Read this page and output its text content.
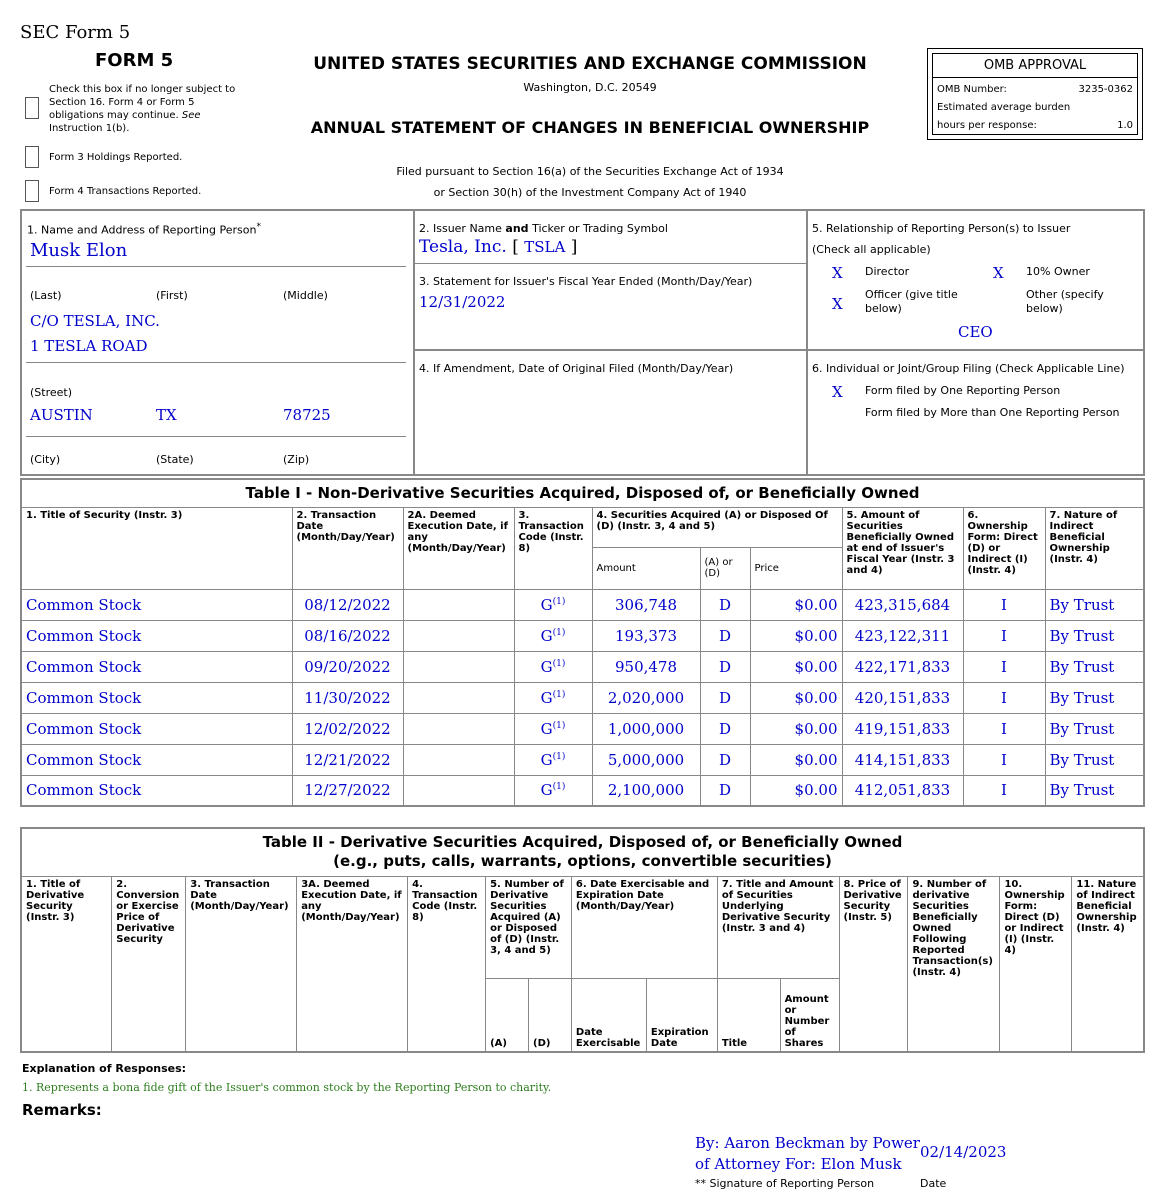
SEC Form 5
FORM 5
Check this box if no longer subject to Section 16. Form 4 or Form 5 obligations may continue. See Instruction 1(b).
Form 3 Holdings Reported.
Form 4 Transactions Reported.
UNITED STATES SECURITIES AND EXCHANGE COMMISSION
Washington, D.C. 20549
ANNUAL STATEMENT OF CHANGES IN BENEFICIAL OWNERSHIP
Filed pursuant to Section 16(a) of the Securities Exchange Act of 1934
or Section 30(h) of the Investment Company Act of 1940
OMB APPROVAL
OMB Number:	3235-0362
Estimated average burden
hours per response:	1.0
1. Name and Address of Reporting Person*
Musk Elon
(Last)	(First)	(Middle)
C/O TESLA, INC.
1 TESLA ROAD
(Street)
AUSTIN	TX	78725
(City)	(State)	(Zip)
2. Issuer Name and Ticker or Trading Symbol
Tesla, Inc. [ TSLA ]
3. Statement for Issuer's Fiscal Year Ended (Month/Day/Year)
12/31/2022
4. If Amendment, Date of Original Filed (Month/Day/Year)
5. Relationship of Reporting Person(s) to Issuer
(Check all applicable)
X Director	X 10% Owner
X
Officer (give title below)
Other (specify below)
CEO
6. Individual or Joint/Group Filing (Check Applicable Line)
X Form filed by One Reporting Person
Form filed by More than One Reporting Person
Table I - Non-Derivative Securities Acquired, Disposed of, or Beneficially Owned									
1. Title of Security (Instr. 3)	2. Transaction Date (Month/Day/Year)	2A. Deemed Execution Date, if any (Month/Day/Year)	3. Transaction Code (Instr. 8)	4. Securities Acquired (A) or Disposed Of (D) (Instr. 3, 4 and 5)			5. Amount of Securities Beneficially Owned at end of Issuer's Fiscal Year (Instr. 3 and 4)	6. Ownership Form: Direct (D) or Indirect (I) (Instr. 4)	7. Nature of Indirect Beneficial Ownership (Instr. 4)
				Amount	(A) or (D)	Price			
Common Stock	08/12/2022		$G^{(1)}$	306,748	D	$0.00	423,315,684	I	By Trust
Common Stock	08/16/2022		$G^{(1)}$	193,373	D	$0.00	423,122,311	I	By Trust
Common Stock	09/20/2022		$G^{(1)}$	950,478	D	$0.00	422,171,833	I	By Trust
Common Stock	11/30/2022		$G^{(1)}$	2,020,000	D	$0.00	420,151,833	I	By Trust
Common Stock	12/02/2022		$G^{(1)}$	1,000,000	D	$0.00	419,151,833	I	By Trust
Common Stock	12/21/2022		$G^{(1)}$	5,000,000	D	$0.00	414,151,833	I	By Trust
Common Stock	12/27/2022		$G^{(1)}$	2,100,000	D	$0.00	412,051,833	I	By Trust
Table II - Derivative Securities Acquired, Disposed of, or Beneficially Owned
(e.g., puts, calls, warrants, options, convertible securities)														

1. Title of Derivative Security (Instr. 3)	2. Conversion or Exercise Price of Derivative Security	3. Transaction Date (Month/Day/Year)	3A. Deemed Execution Date, if any (Month/Day/Year)	4. Transaction Code (Instr. 8)	5. Number of Derivative Securities Acquired (A) or Disposed of (D) (Instr. 3, 4 and 5)		6. Date Exercisable and Expiration Date (Month/Day/Year)		7. Title and Amount of Securities Underlying Derivative Security (Instr. 3 and 4)		8. Price of Derivative Security (Instr. 5)	9. Number of derivative Securities Beneficially Owned Following Reported Transaction(s) (Instr. 4)	10. Ownership Form: Direct (D) or Indirect (I) (Instr. 4)	11. Nature of Indirect Beneficial Ownership (Instr. 4)
					(A)	(D)	Date Exercisable	Expiration Date	Title	Amount or Number of Shares				
Explanation of Responses:
1. Represents a bona fide gift of the Issuer's common stock by the Reporting Person to charity.
Remarks:
By: Aaron Beckman by Power
of Attorney For: Elon Musk
02/14/2023
** Signature of Reporting Person	Date
